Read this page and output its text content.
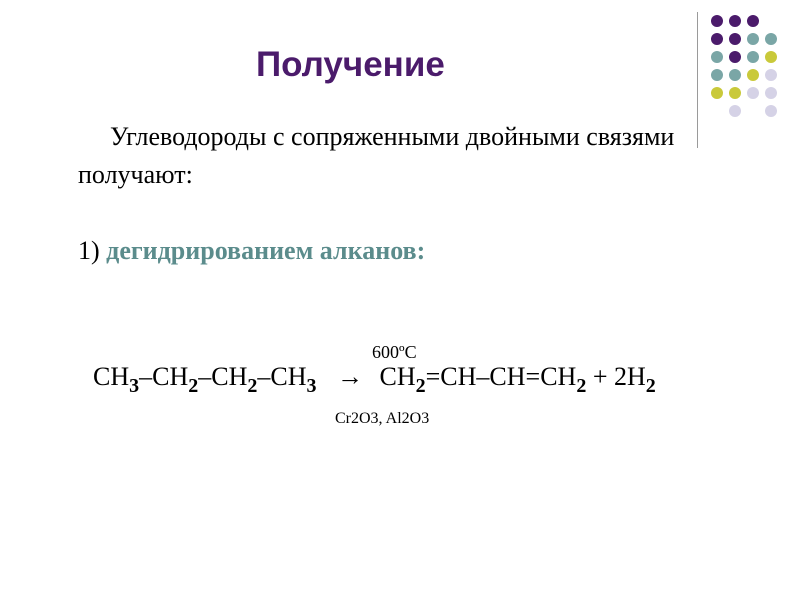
Получение
Углеводороды с сопряженными двойными связями получают:
1) дегидрированием алканов:
600ºC
$CH_3-CH_2-CH_2-CH_3 \to CH_2=CH-CH=CH_2 + 2H_2$
Cr2O3, Al2O3
